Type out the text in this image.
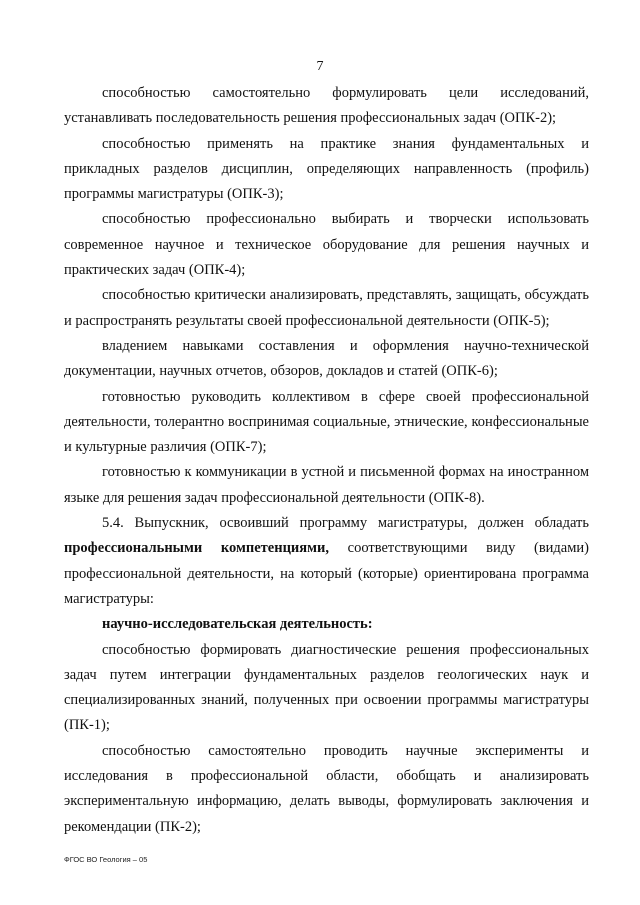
7

способностью самостоятельно формулировать цели исследований, устанавливать последовательность решения профессиональных задач (ОПК-2);

способностью применять на практике знания фундаментальных и прикладных разделов дисциплин, определяющих направленность (профиль) программы магистратуры (ОПК-3);

способностью профессионально выбирать и творчески использовать современное научное и техническое оборудование для решения научных и практических задач (ОПК-4);

способностью критически анализировать, представлять, защищать, обсуждать и распространять результаты своей профессиональной деятельности (ОПК-5);

владением навыками составления и оформления научно-технической документации, научных отчетов, обзоров, докладов и статей (ОПК-6);

готовностью руководить коллективом в сфере своей профессиональной деятельности, толерантно воспринимая социальные, этнические, конфессиональные и культурные различия (ОПК-7);

готовностью к коммуникации в устной и письменной формах на иностранном языке для решения задач профессиональной деятельности (ОПК-8).

5.4. Выпускник, освоивший программу магистратуры, должен обладать профессиональными компетенциями, соответствующими виду (видами) профессиональной деятельности, на который (которые) ориентирована программа магистратуры:

научно-исследовательская деятельность:

способностью формировать диагностические решения профессиональных задач путем интеграции фундаментальных разделов геологических наук и специализированных знаний, полученных при освоении программы магистратуры (ПК-1);

способностью самостоятельно проводить научные эксперименты и исследования в профессиональной области, обобщать и анализировать экспериментальную информацию, делать выводы, формулировать заключения и рекомендации (ПК-2);

ФГОС ВО Геология – 05
